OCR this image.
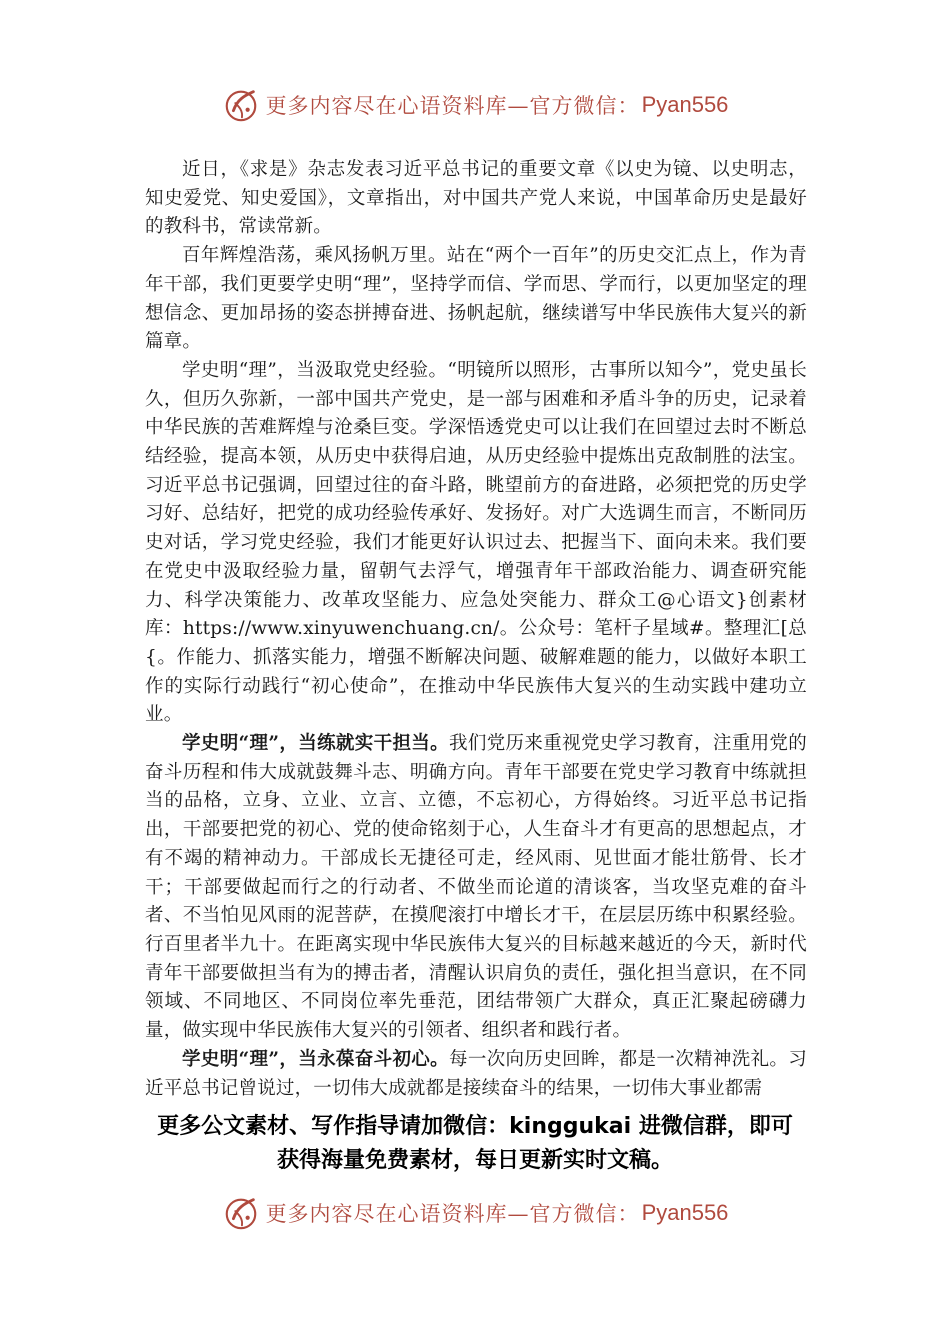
更多内容尽在心语资料库—官方微信： Pyan556

近日，《求是》杂志发表习近平总书记的重要文章《以史为镜、以史明志，知史爱党、知史爱国》，文章指出，对中国共产党人来说，中国革命历史是最好的教科书，常读常新。

百年辉煌浩荡，乘风扬帆万里。站在“两个一百年”的历史交汇点上，作为青年干部，我们更要学史明“理”，坚持学而信、学而思、学而行，以更加坚定的理想信念、更加昂扬的姿态拼搏奋进、扬帆起航，继续谱写中华民族伟大复兴的新篇章。

学史明“理”，当汲取党史经验。“明镜所以照形，古事所以知今”，党史虽长久，但历久弥新，一部中国共产党史，是一部与困难和矛盾斗争的历史，记录着中华民族的苦难辉煌与沧桑巨变。学深悟透党史可以让我们在回望过去时不断总结经验，提高本领，从历史中获得启迪，从历史经验中提炼出克敌制胜的法宝。习近平总书记强调，回望过往的奋斗路，眺望前方的奋进路，必须把党的历史学习好、总结好，把党的成功经验传承好、发扬好。对广大选调生而言，不断同历史对话，学习党史经验，我们才能更好认识过去、把握当下、面向未来。我们要在党史中汲取经验力量，留朝气去浮气，增强青年干部政治能力、调查研究能力、科学决策能力、改革攻坚能力、应急处突能力、群众工@心语文}创素材库：https://www.xinyuwenchuang.cn/。公众号：笔杆子星域#。整理汇[总{。作能力、抓落实能力，增强不断解决问题、破解难题的能力，以做好本职工作的实际行动践行“初心使命”，在推动中华民族伟大复兴的生动实践中建功立业。

学史明“理”，当练就实干担当。我们党历来重视党史学习教育，注重用党的奋斗历程和伟大成就鼓舞斗志、明确方向。青年干部要在党史学习教育中练就担当的品格，立身、立业、立言、立德，不忘初心，方得始终。习近平总书记指出，干部要把党的初心、党的使命铭刻于心，人生奋斗才有更高的思想起点，才有不竭的精神动力。干部成长无捷径可走，经风雨、见世面才能壮筋骨、长才干；干部要做起而行之的行动者、不做坐而论道的清谈客，当攻坚克难的奋斗者、不当怕见风雨的泥菩萨，在摸爬滚打中增长才干，在层层历练中积累经验。行百里者半九十。在距离实现中华民族伟大复兴的目标越来越近的今天，新时代青年干部要做担当有为的搏击者，清醒认识肩负的责任，强化担当意识，在不同领域、不同地区、不同岗位率先垂范，团结带领广大群众，真正汇聚起磅礴力量，做实现中华民族伟大复兴的引领者、组织者和践行者。

学史明“理”，当永葆奋斗初心。每一次向历史回眸，都是一次精神洗礼。习近平总书记曾说过，一切伟大成就都是接续奋斗的结果，一切伟大事业都需

更多公文素材、写作指导请加微信：kinggukai 进微信群，即可
获得海量免费素材，每日更新实时文稿。
更多内容尽在心语资料库—官方微信： Pyan556
